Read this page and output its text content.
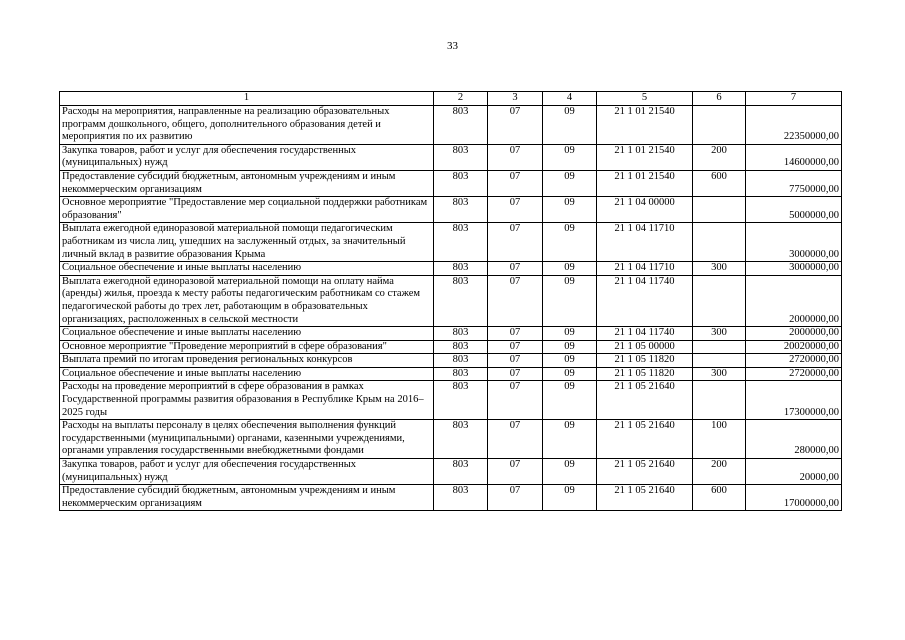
33
1	2	3	4	5	6	7
Расходы на мероприятия, направленные на реализацию образовательных программ дошкольного, общего, дополнительного образования детей и мероприятия по их развитию	803	07	09	21 1 01 21540		22350000,00
Закупка товаров, работ и услуг для обеспечения государственных (муниципальных) нужд	803	07	09	21 1 01 21540	200	14600000,00
Предоставление субсидий бюджетным, автономным учреждениям и иным некоммерческим организациям	803	07	09	21 1 01 21540	600	7750000,00
Основное мероприятие "Предоставление мер социальной поддержки работникам образования"	803	07	09	21 1 04 00000		5000000,00
Выплата ежегодной единоразовой материальной помощи педагогическим работникам из числа лиц, ушедших на заслуженный отдых, за значительный личный вклад в развитие образования Крыма	803	07	09	21 1 04 11710		3000000,00
Социальное обеспечение и иные выплаты населению	803	07	09	21 1 04 11710	300	3000000,00
Выплата ежегодной единоразовой материальной помощи на оплату найма (аренды) жилья, проезда к месту работы педагогическим работникам со стажем педагогической работы до трех лет, работающим в образовательных организациях, расположенных в сельской местности	803	07	09	21 1 04 11740		2000000,00
Социальное обеспечение и иные выплаты населению	803	07	09	21 1 04 11740	300	2000000,00
Основное мероприятие "Проведение мероприятий в сфере образования"	803	07	09	21 1 05 00000		20020000,00
Выплата премий по итогам проведения региональных конкурсов	803	07	09	21 1 05 11820		2720000,00
Социальное обеспечение и иные выплаты населению	803	07	09	21 1 05 11820	300	2720000,00
Расходы на проведение мероприятий в сфере образования в рамках Государственной программы развития образования в Республике Крым на 2016–2025 годы	803	07	09	21 1 05 21640		17300000,00
Расходы на выплаты персоналу в целях обеспечения выполнения функций государственными (муниципальными) органами, казенными учреждениями, органами управления государственными внебюджетными фондами	803	07	09	21 1 05 21640	100	280000,00
Закупка товаров, работ и услуг для обеспечения государственных (муниципальных) нужд	803	07	09	21 1 05 21640	200	20000,00
Предоставление субсидий бюджетным, автономным учреждениям и иным некоммерческим организациям	803	07	09	21 1 05 21640	600	17000000,00
